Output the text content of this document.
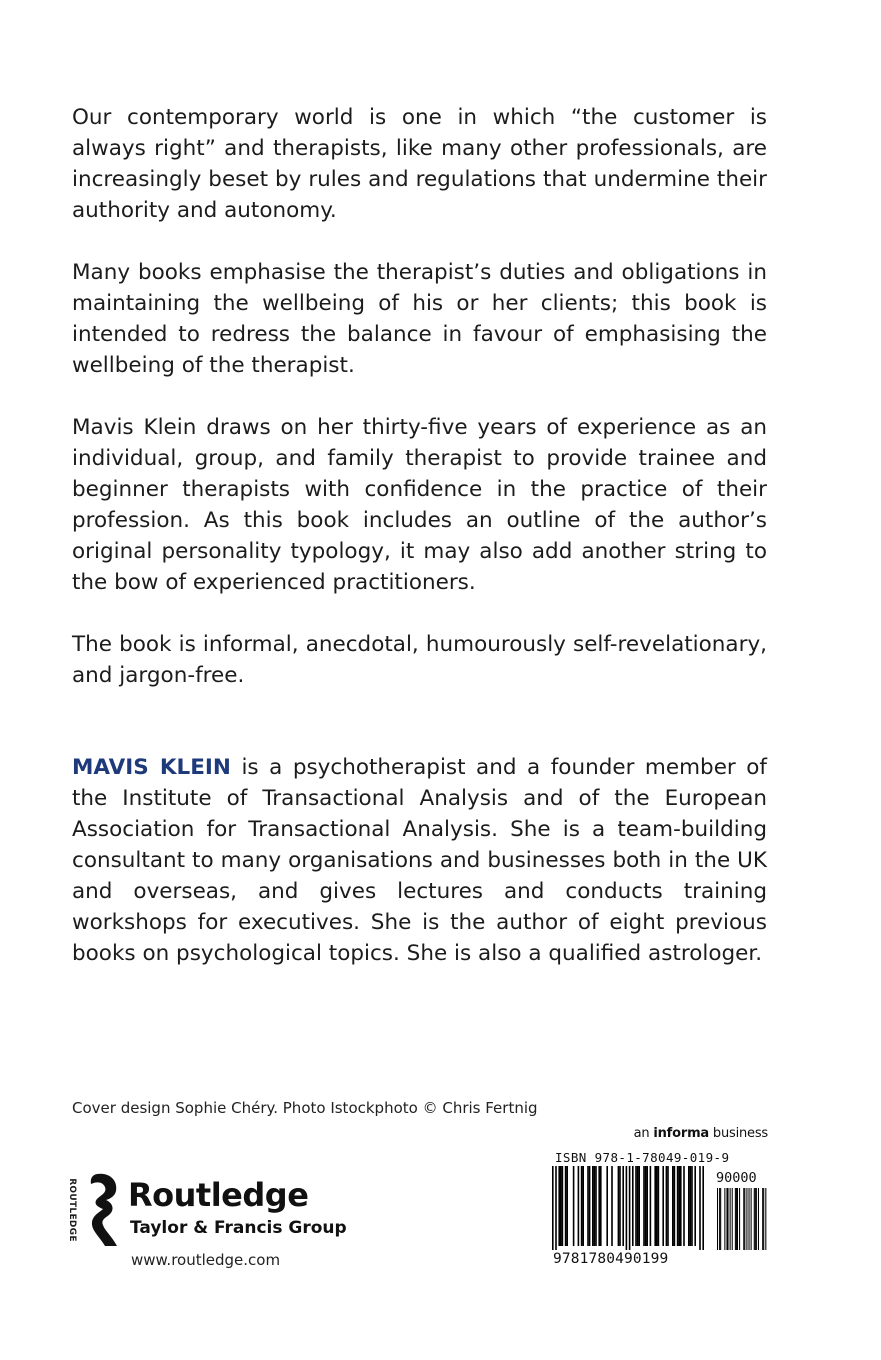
Our contemporary world is one in which “the customer is always right” and therapists, like many other professionals, are increasingly beset by rules and regulations that undermine their authority and autonomy.

Many books emphasise the therapist’s duties and obligations in maintaining the wellbeing of his or her clients; this book is intended to redress the balance in favour of emphasising the wellbeing of the therapist.

Mavis Klein draws on her thirty-five years of experience as an individual, group, and family therapist to provide trainee and beginner therapists with confidence in the practice of their profession. As this book includes an outline of the author’s original personality typology, it may also add another string to the bow of experienced practitioners.

The book is informal, anecdotal, humourously self-revelationary, and jargon-free.

MAVIS KLEIN is a psychotherapist and a founder member of the Institute of Transactional Analysis and of the European Association for Transactional Analysis. She is a team-building consultant to many organisations and businesses both in the UK and overseas, and gives lectures and conducts training workshops for executives. She is the author of eight previous books on psychological topics. She is also a qualified astrologer.

Cover design Sophie Chéry. Photo Istockphoto © Chris Fertnig
an informa business
ROUTLEDGE Routledge
Taylor & Francis Group
www.routledge.com
ISBN 978-1-78049-019-9
9781780490199
90000
